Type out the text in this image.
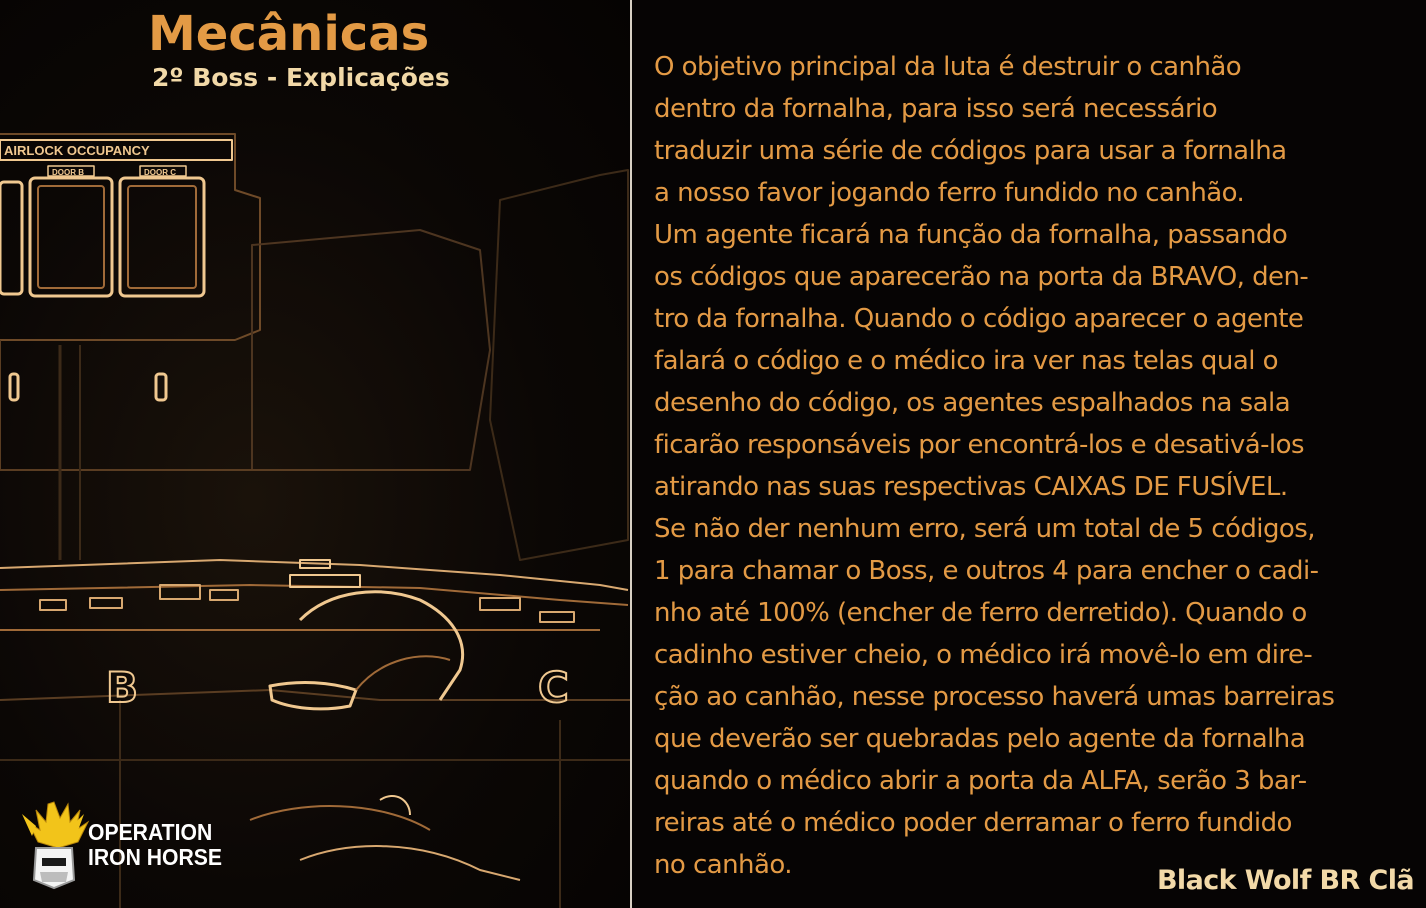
AIRLOCK OCCUPANCY
DOOR B	DOOR C
B	C
Mecânicas
2º Boss - Explicações
OPERATION
IRON HORSE
O objetivo principal da luta é destruir o canhão
dentro da fornalha, para isso será necessário
traduzir uma série de códigos para usar a fornalha
a nosso favor jogando ferro fundido no canhão.
Um agente ficará na função da fornalha, passando
os códigos que aparecerão na porta da BRAVO, den-
tro da fornalha. Quando o código aparecer o agente
falará o código e o médico ira ver nas telas qual o
desenho do código, os agentes espalhados na sala
ficarão responsáveis por encontrá-los e desativá-los
atirando nas suas respectivas CAIXAS DE FUSÍVEL.
Se não der nenhum erro, será um total de 5 códigos,
1 para chamar o Boss, e outros 4 para encher o cadi-
nho até 100% (encher de ferro derretido). Quando o
cadinho estiver cheio, o médico irá movê-lo em dire-
ção ao canhão, nesse processo haverá umas barreiras
que deverão ser quebradas pelo agente da fornalha
quando o médico abrir a porta da ALFA, serão 3 bar-
reiras até o médico poder derramar o ferro fundido
no canhão.	Black Wolf BR Clã
